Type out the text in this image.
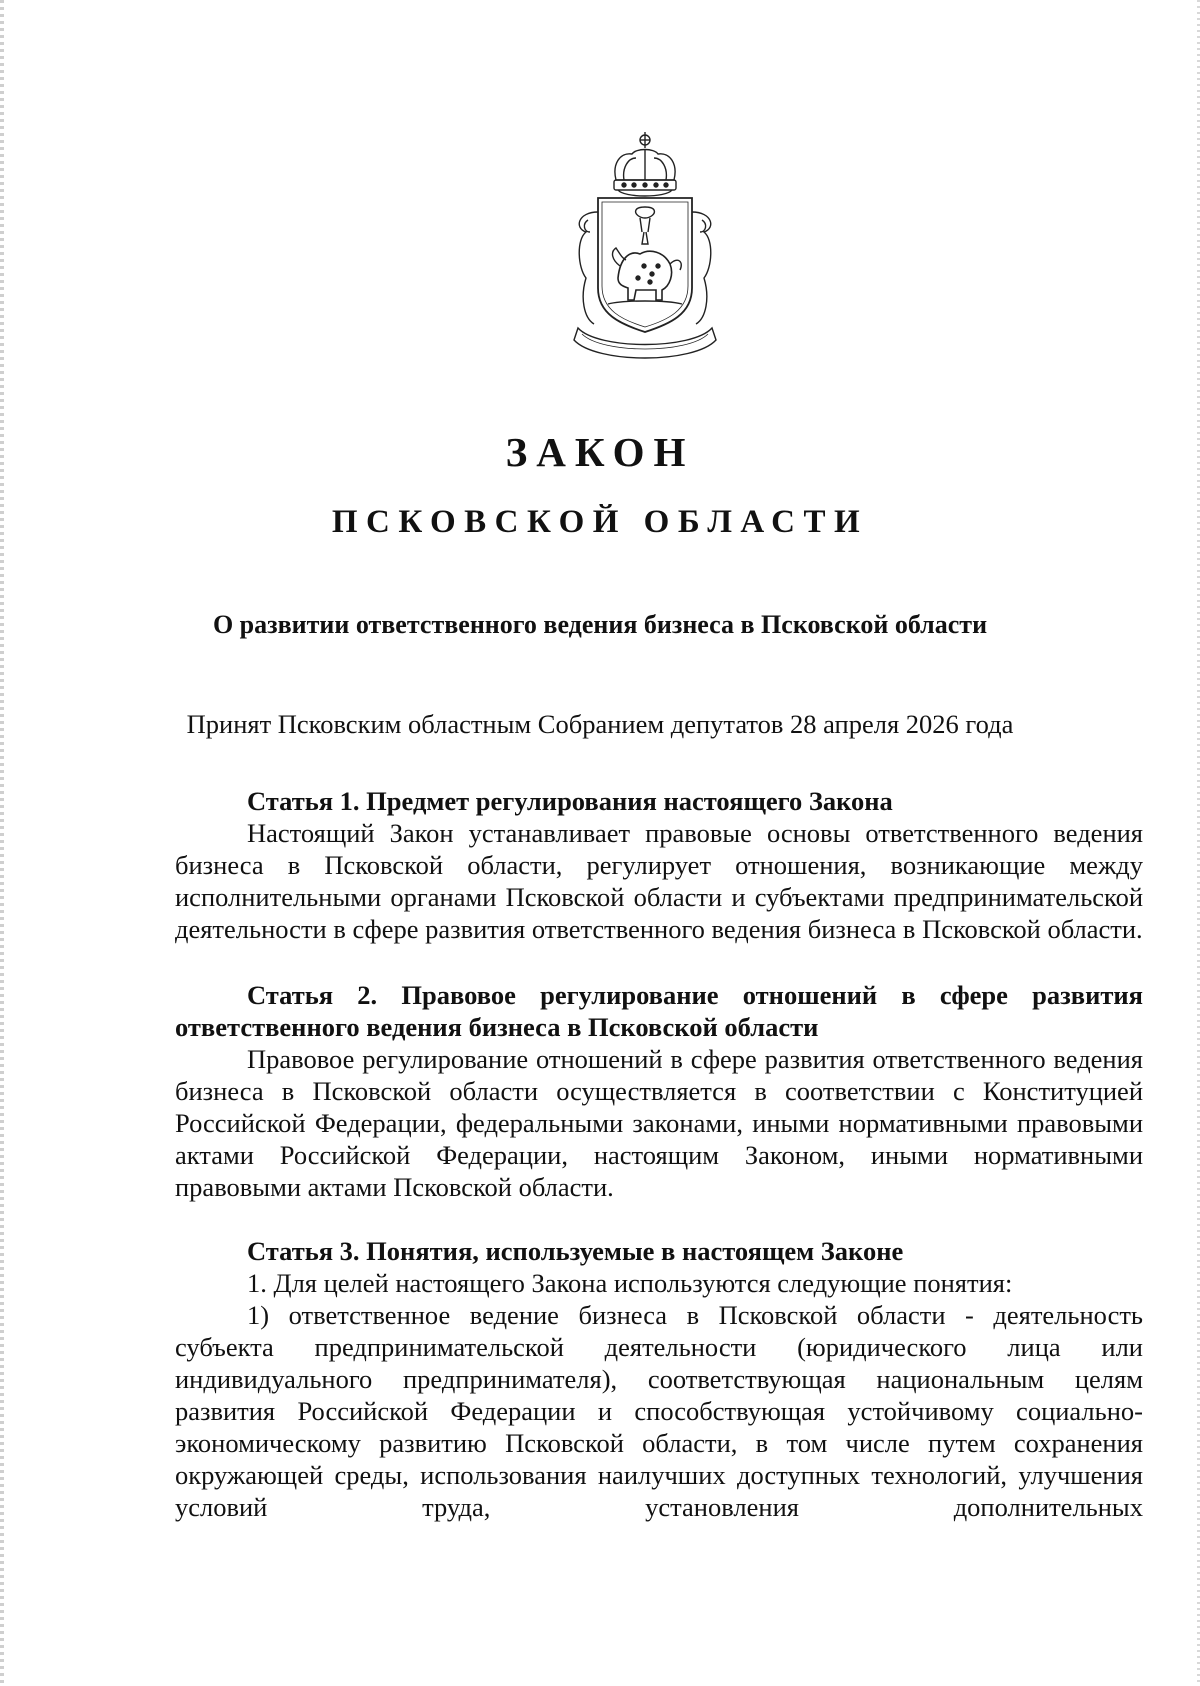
ЗАКОН
ПСКОВСКОЙ ОБЛАСТИ
О развитии ответственного ведения бизнеса в Псковской области
Принят Псковским областным Собранием депутатов 28 апреля 2026 года

Статья 1. Предмет регулирования настоящего Закона

Настоящий Закон устанавливает правовые основы ответственного ведения бизнеса в Псковской области, регулирует отношения, возникающие между исполнительными органами Псковской области и субъектами предпринимательской деятельности в сфере развития ответственного ведения бизнеса в Псковской области.

Статья 2. Правовое регулирование отношений в сфере развития ответственного ведения бизнеса в Псковской области

Правовое регулирование отношений в сфере развития ответственного ведения бизнеса в Псковской области осуществляется в соответствии с Конституцией Российской Федерации, федеральными законами, иными нормативными правовыми актами Российской Федерации, настоящим Законом, иными нормативными правовыми актами Псковской области.

Статья 3. Понятия, используемые в настоящем Законе

1. Для целей настоящего Закона используются следующие понятия:

1) ответственное ведение бизнеса в Псковской области - деятельность субъекта предпринимательской деятельности (юридического лица или индивидуального предпринимателя), соответствующая национальным целям развития Российской Федерации и способствующая устойчивому социально-экономическому развитию Псковской области, в том числе путем сохранения окружающей среды, использования наилучших доступных технологий, улучшения условий труда, установления дополнительных
